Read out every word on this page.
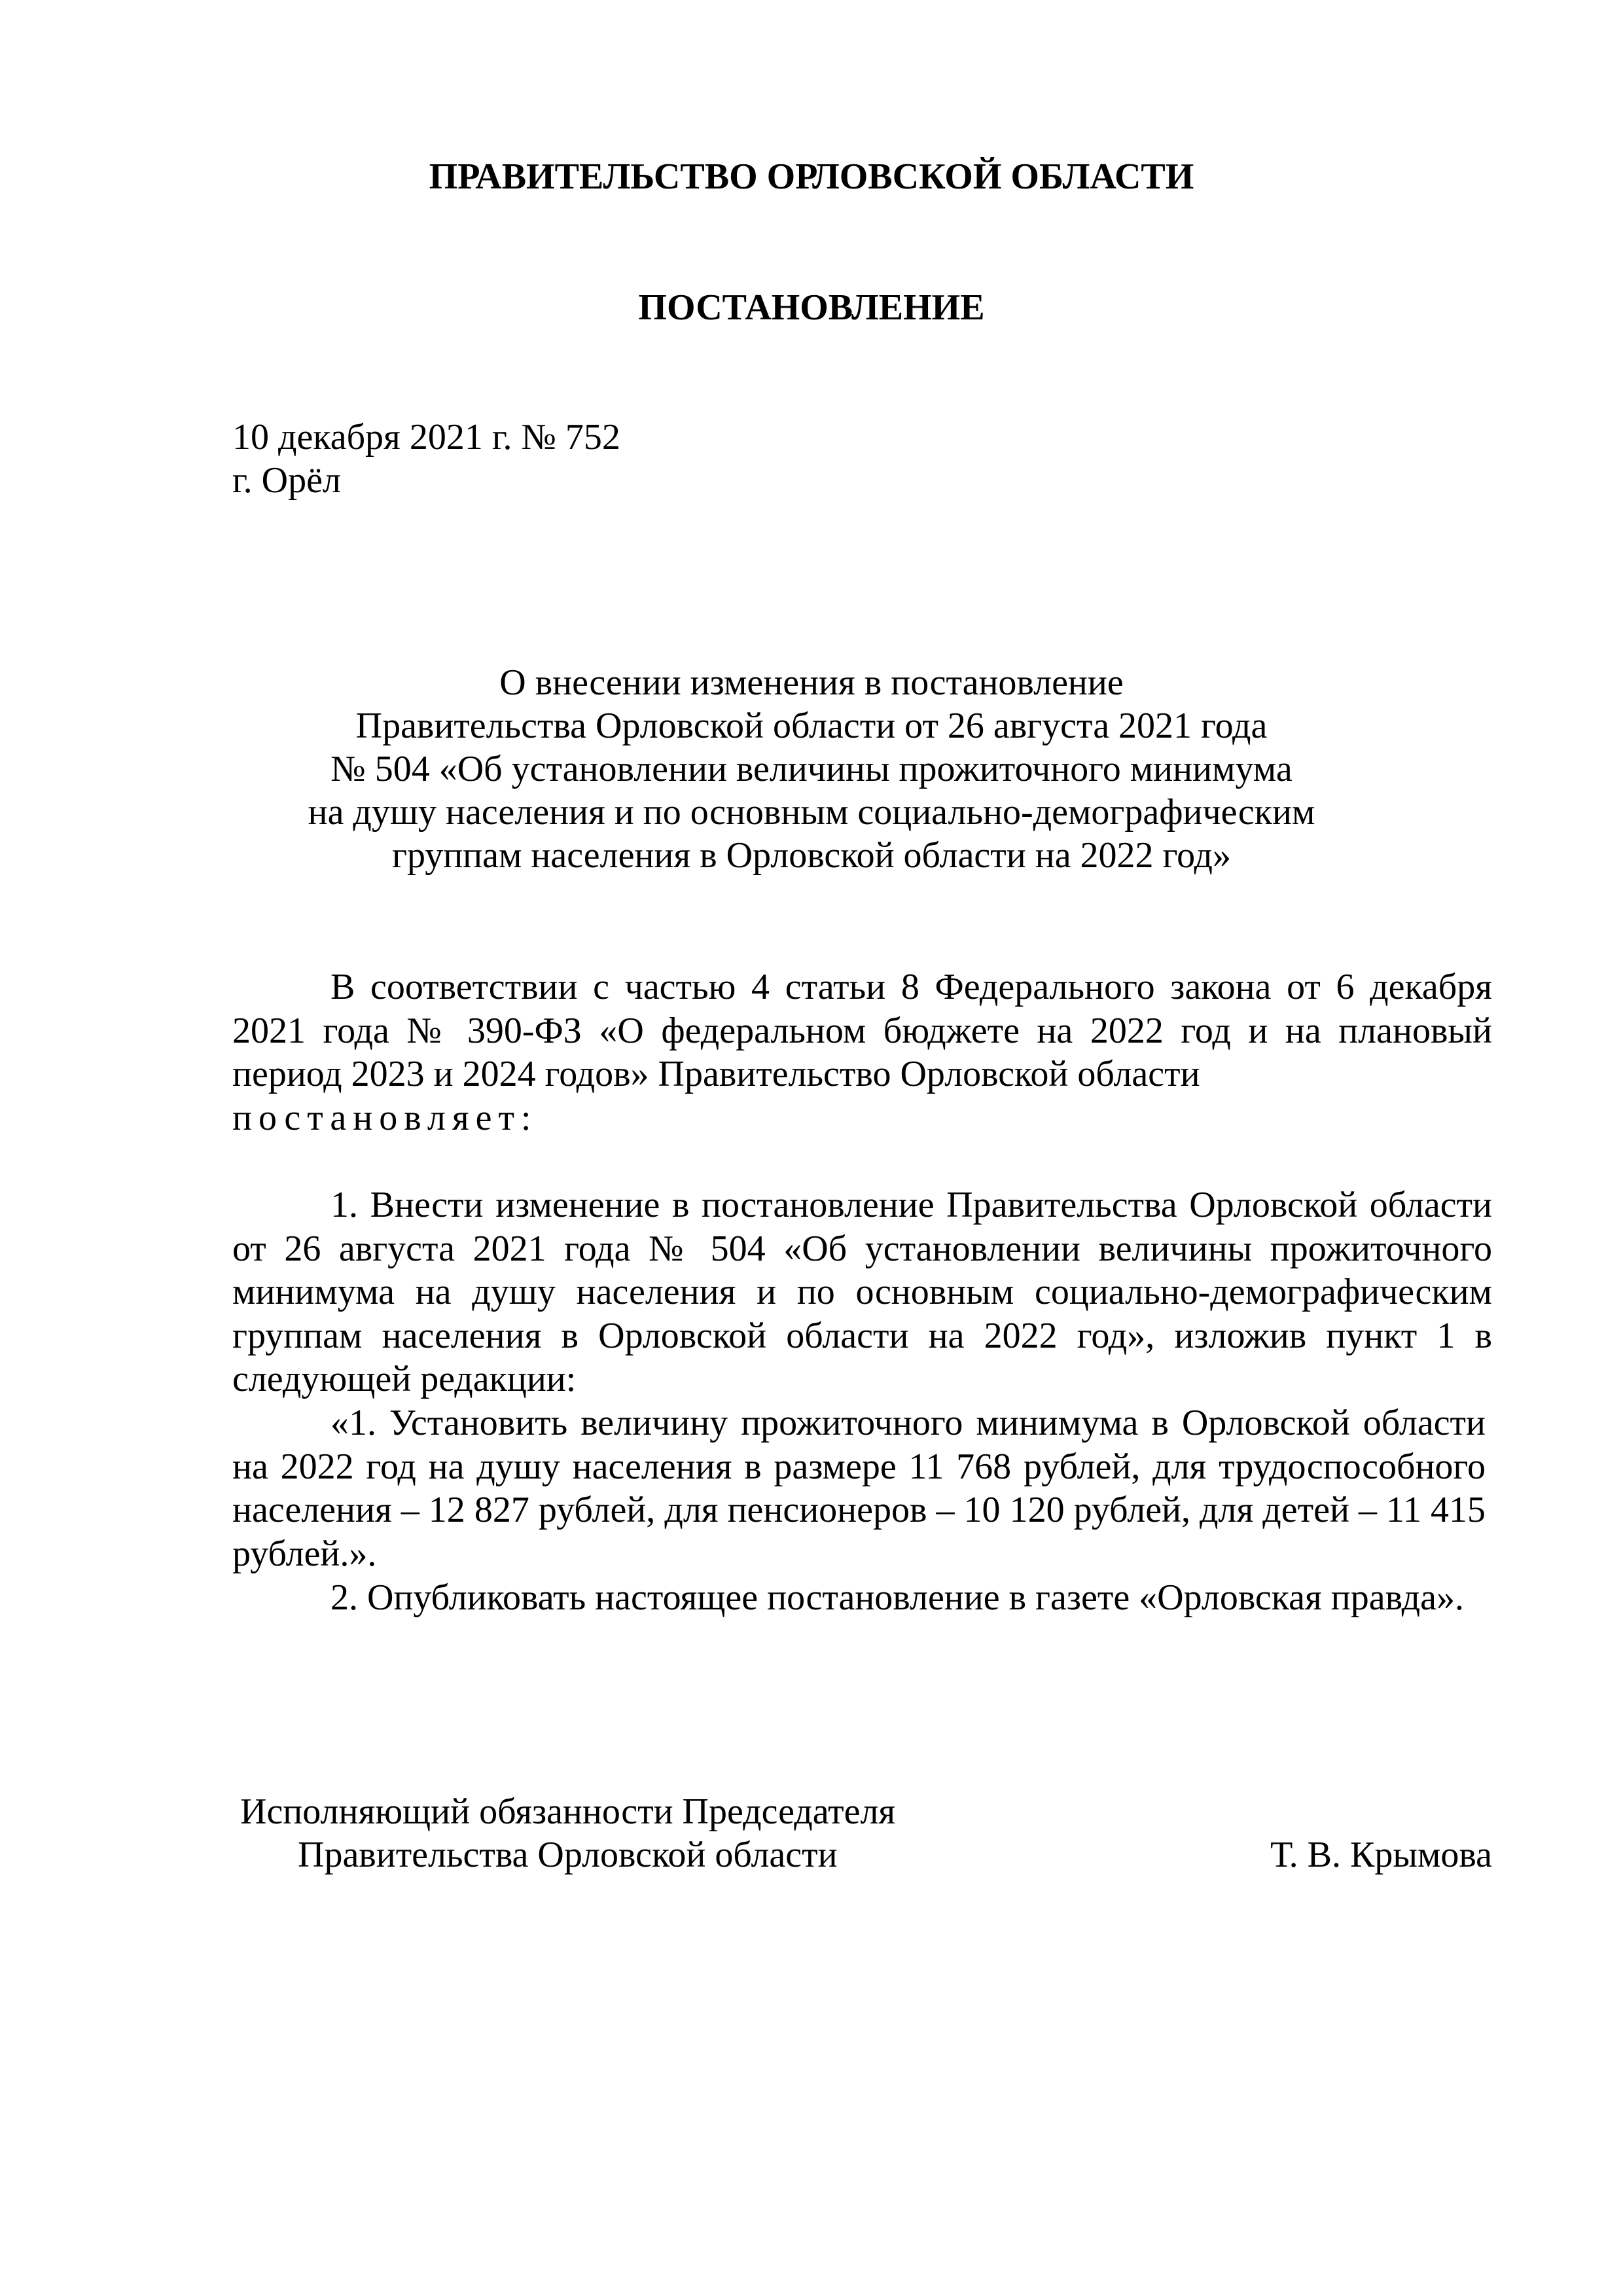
ПРАВИТЕЛЬСТВО ОРЛОВСКОЙ ОБЛАСТИ
ПОСТАНОВЛЕНИЕ
10 декабря 2021 г. № 752
г. Орёл
О внесении изменения в постановление
Правительства Орловской области от 26 августа 2021 года
№ 504 «Об установлении величины прожиточного минимума
на душу населения и по основным социально-демографическим
группам населения в Орловской области на 2022 год»

В соответствии с частью 4 статьи 8 Федерального закона от 6 декабря 2021 года № 390-ФЗ «О федеральном бюджете на 2022 год и на плановый период 2023 и 2024 годов» Правительство Орловской области

постановляет:

1. Внести изменение в постановление Правительства Орловской области от 26 августа 2021 года № 504 «Об установлении величины прожиточного минимума на душу населения и по основным социально-демографическим группам населения в Орловской области на 2022 год», изложив пункт 1 в следующей редакции:

«1. Установить величину прожиточного минимума в Орловской области на 2022 год на душу населения в размере 11 768 рублей, для трудоспособного населения – 12 827 рублей, для пенсионеров – 10 120 рублей, для детей – 11 415 рублей.».

2. Опубликовать настоящее постановление в газете «Орловская правда».

Исполняющий обязанности Председателя
Правительства Орловской области	Т. В. Крымова
